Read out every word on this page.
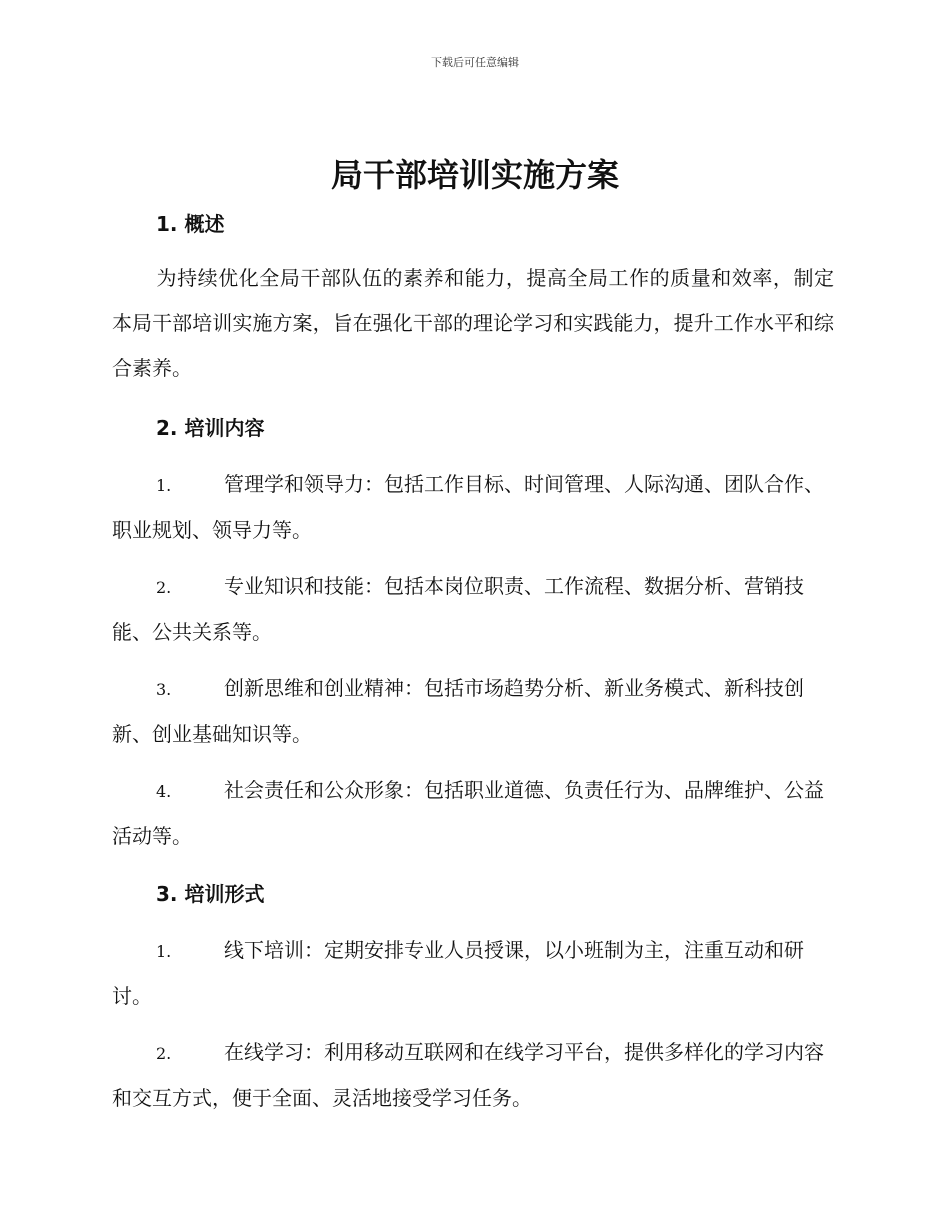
下载后可任意编辑
局干部培训实施方案
1. 概述
为持续优化全局干部队伍的素养和能力，提高全局工作的质量和效率，制定本局干部培训实施方案，旨在强化干部的理论学习和实践能力，提升工作水平和综合素养。
2. 培训内容
1.	管理学和领导力：包括工作目标、时间管理、人际沟通、团队合作、职业规划、领导力等。
2.	专业知识和技能：包括本岗位职责、工作流程、数据分析、营销技能、公共关系等。
3.	创新思维和创业精神：包括市场趋势分析、新业务模式、新科技创新、创业基础知识等。
4.	社会责任和公众形象：包括职业道德、负责任行为、品牌维护、公益活动等。
3. 培训形式
1.	线下培训：定期安排专业人员授课，以小班制为主，注重互动和研讨。
2.	在线学习：利用移动互联网和在线学习平台，提供多样化的学习内容和交互方式，便于全面、灵活地接受学习任务。
